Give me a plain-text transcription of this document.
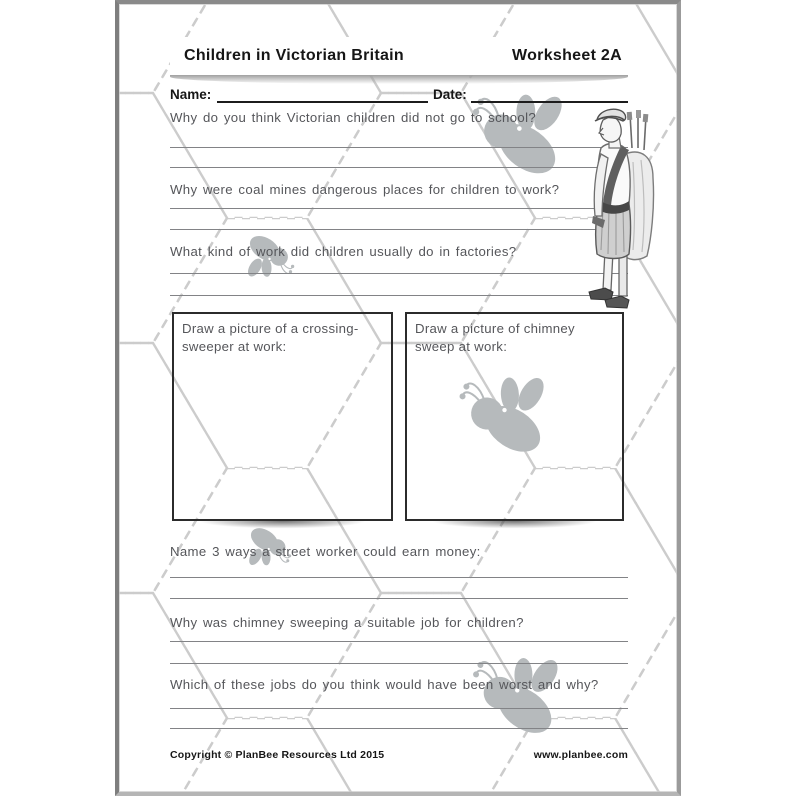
Children in Victorian Britain	Worksheet 2A
Name:	Date:
Why do you think Victorian children did not go to school?
Why were coal mines dangerous places for children to work?
What kind of work did children usually do in factories?
Draw a picture of a crossing-sweeper at work:
Draw a picture of chimney sweep at work:
Name 3 ways a street worker could earn money:
Why was chimney sweeping a suitable job for children?
Which of these jobs do you think would have been worst and why?
Copyright © PlanBee Resources Ltd 2015	www.planbee.com
